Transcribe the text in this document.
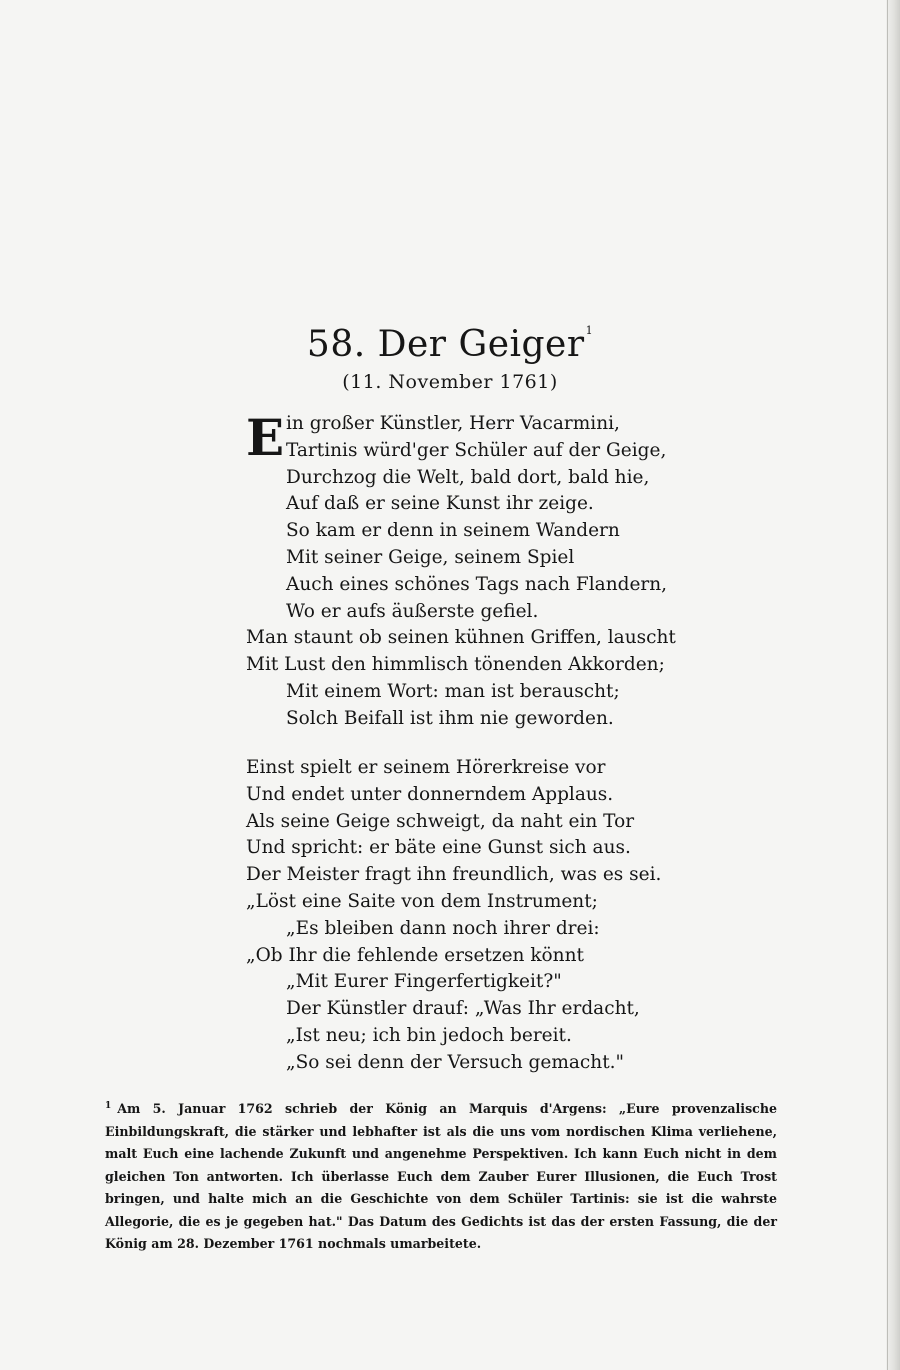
58. Der Geiger$^1$
(11. November 1761)
E in großer Künstler, Herr Vacarmini,
Tartinis würd'ger Schüler auf der Geige,
Durchzog die Welt, bald dort, bald hie,
Auf daß er seine Kunst ihr zeige.
So kam er denn in seinem Wandern
Mit seiner Geige, seinem Spiel
Auch eines schönes Tags nach Flandern,
Wo er aufs äußerste gefiel.
Man staunt ob seinen kühnen Griffen, lauscht
Mit Lust den himmlisch tönenden Akkorden;
Mit einem Wort: man ist berauscht;
Solch Beifall ist ihm nie geworden.
Einst spielt er seinem Hörerkreise vor
Und endet unter donnerndem Applaus.
Als seine Geige schweigt, da naht ein Tor
Und spricht: er bäte eine Gunst sich aus.
Der Meister fragt ihn freundlich, was es sei.
„Löst eine Saite von dem Instrument;
„Es bleiben dann noch ihrer drei:
„Ob Ihr die fehlende ersetzen könnt
„Mit Eurer Fingerfertigkeit?"
Der Künstler drauf: „Was Ihr erdacht,
„Ist neu; ich bin jedoch bereit.
„So sei denn der Versuch gemacht."
$^1$ Am 5. Januar 1762 schrieb der König an Marquis d'Argens: „Eure provenzalische Einbildungskraft, die stärker und lebhafter ist als die uns vom nordischen Klima verliehene, malt Euch eine lachende Zukunft und angenehme Perspektiven. Ich kann Euch nicht in dem gleichen Ton antworten. Ich überlasse Euch dem Zauber Eurer Illusionen, die Euch Trost bringen, und halte mich an die Geschichte von dem Schüler Tartinis: sie ist die wahrste Allegorie, die es je gegeben hat." Das Datum des Gedichts ist das der ersten Fassung, die der König am 28. Dezember 1761 nochmals umarbeitete.
